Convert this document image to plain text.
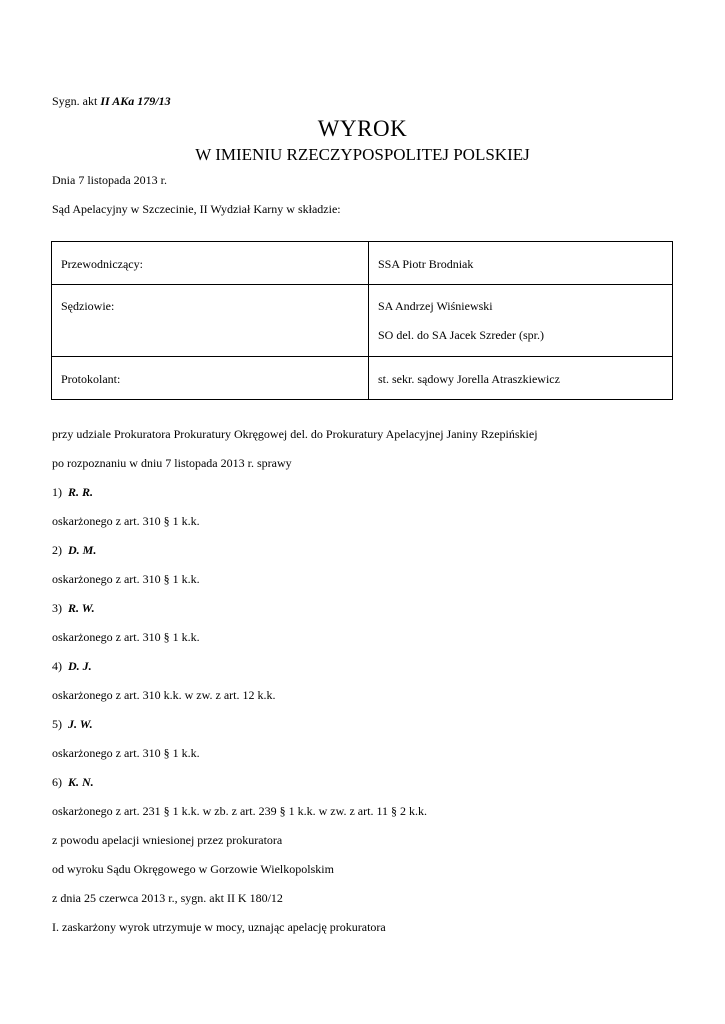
Sygn. akt II AKa 179/13
WYROK
W IMIENIU RZECZYPOSPOLITEJ POLSKIEJ
Dnia 7 listopada 2013 r.
Sąd Apelacyjny w Szczecinie, II Wydział Karny w składzie:
Przewodniczący:	SSA Piotr Brodniak

Sędziowie:	SA Andrzej Wiśniewski
SO del. do SA Jacek Szreder (spr.)

Protokolant:	st. sekr. sądowy Jorella Atraszkiewicz
przy udziale Prokuratora Prokuratury Okręgowej del. do Prokuratury Apelacyjnej Janiny Rzepińskiej
po rozpoznaniu w dniu 7 listopada 2013 r. sprawy
1) R. R.
oskarżonego z art. 310 § 1 k.k.
2) D. M.
oskarżonego z art. 310 § 1 k.k.
3) R. W.
oskarżonego z art. 310 § 1 k.k.
4) D. J.
oskarżonego z art. 310 k.k. w zw. z art. 12 k.k.
5) J. W.
oskarżonego z art. 310 § 1 k.k.
6) K. N.
oskarżonego z art. 231 § 1 k.k. w zb. z art. 239 § 1 k.k. w zw. z art. 11 § 2 k.k.
z powodu apelacji wniesionej przez prokuratora
od wyroku Sądu Okręgowego w Gorzowie Wielkopolskim
z dnia 25 czerwca 2013 r., sygn. akt II K 180/12
I. zaskarżony wyrok utrzymuje w mocy, uznając apelację prokuratora
